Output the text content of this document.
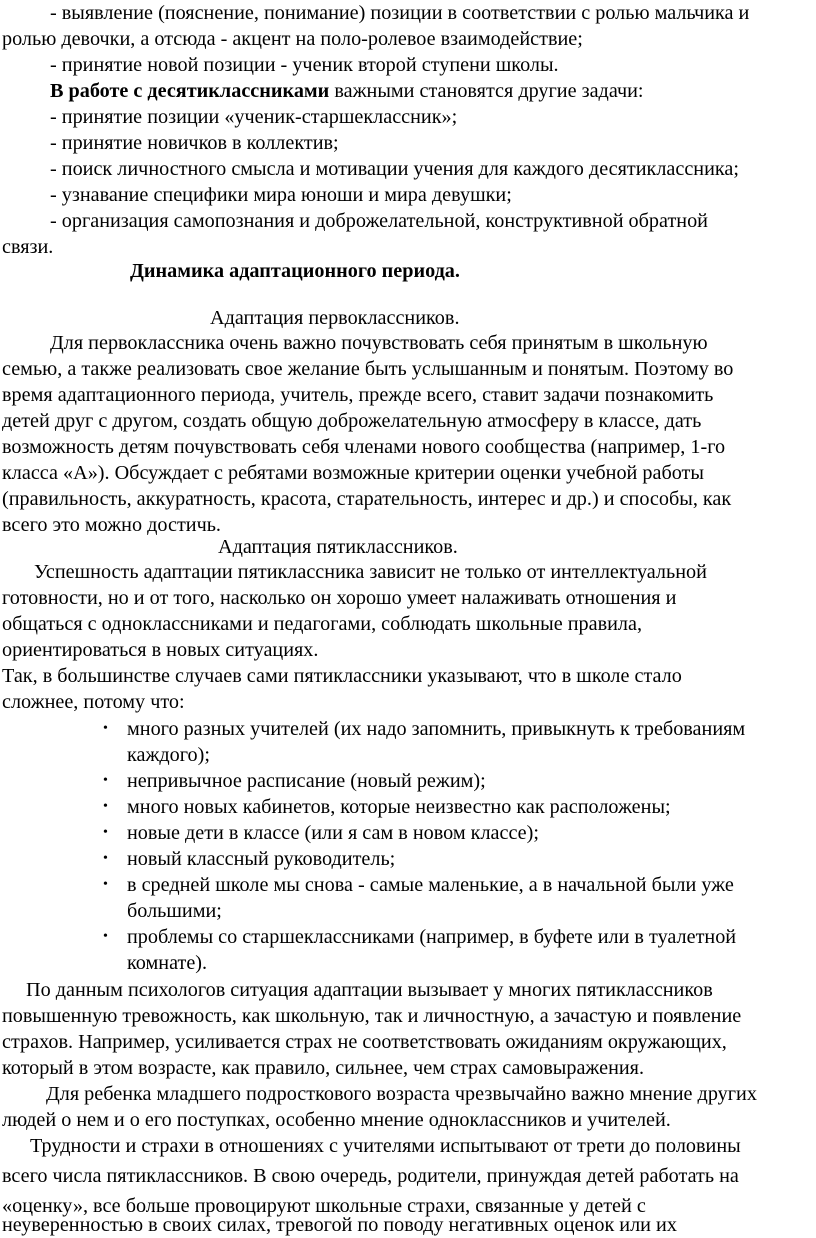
- выявление (пояснение, понимание) позиции в соответствии с ролью мальчика и
ролью девочки, а отсюда - акцент на поло-ролевое взаимодействие;
- принятие новой позиции - ученик второй ступени школы.
В работе с десятиклассниками важными становятся другие задачи:
- принятие позиции «ученик-старшеклассник»;
- принятие новичков в коллектив;
- поиск личностного смысла и мотивации учения для каждого десятиклассника;
- узнавание специфики мира юноши и мира девушки;
- организация самопознания и доброжелательной, конструктивной обратной
связи.
Динамика адаптационного периода.
Адаптация первоклассников.
Для первоклассника очень важно почувствовать себя принятым в школьную
семью, а также реализовать свое желание быть услышанным и понятым. Поэтому во
время адаптационного периода, учитель, прежде всего, ставит задачи познакомить
детей друг с другом, создать общую доброжелательную атмосферу в классе, дать
возможность детям почувствовать себя членами нового сообщества (например, 1-го
класса «А»). Обсуждает с ребятами возможные критерии оценки учебной работы
(правильность, аккуратность, красота, старательность, интерес и др.) и способы, как
всего это можно достичь.
Адаптация пятиклассников.
Успешность адаптации пятиклассника зависит не только от интеллектуальной
готовности, но и от того, насколько он хорошо умеет налаживать отношения и
общаться с одноклассниками и педагогами, соблюдать школьные правила,
ориентироваться в новых ситуациях.
Так, в большинстве случаев сами пятиклассники указывают, что в школе стало
сложнее, потому что:
• много разных учителей (их надо запомнить, привыкнуть к требованиям
каждого);
• непривычное расписание (новый режим);
• много новых кабинетов, которые неизвестно как расположены;
• новые дети в классе (или я сам в новом классе);
• новый классный руководитель;
• в средней школе мы снова - самые маленькие, а в начальной были уже
большими;
• проблемы со старшеклассниками (например, в буфете или в туалетной
комнате).
По данным психологов ситуация адаптации вызывает у многих пятиклассников
повышенную тревожность, как школьную, так и личностную, а зачастую и появление
страхов. Например, усиливается страх не соответствовать ожиданиям окружающих,
который в этом возрасте, как правило, сильнее, чем страх самовыражения.
Для ребенка младшего подросткового возраста чрезвычайно важно мнение других
людей о нем и о его поступках, особенно мнение одноклассников и учителей.
Трудности и страхи в отношениях с учителями испытывают от трети до половины
всего числа пятиклассников. В свою очередь, родители, принуждая детей работать на
«оценку», все больше провоцируют школьные страхи, связанные у детей с
неуверенностью в своих силах, тревогой по поводу негативных оценок или их
